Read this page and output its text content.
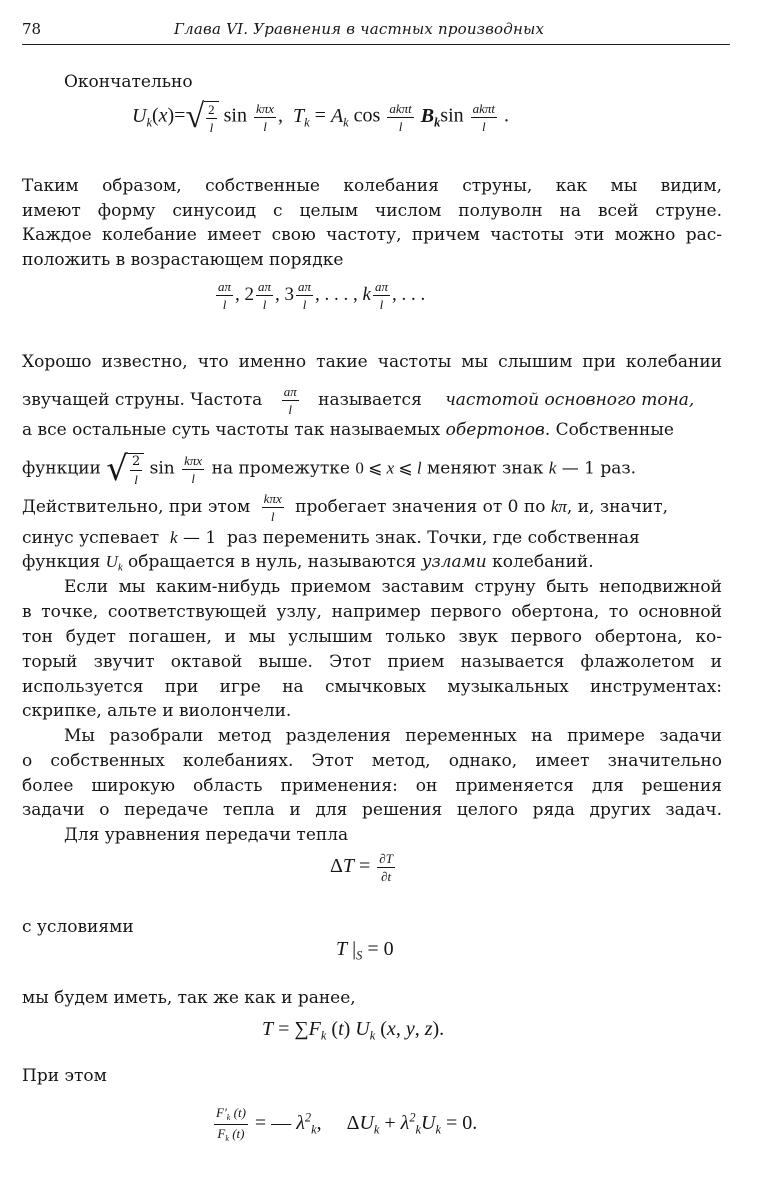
78	Глава VI. Уравнения в частных производных
Окончательно
$U_k(x)=√ \frac{2}{l}$ $\sin \frac{\text{kπx}}{l}$ ,  $T_k = A_k$ $\cos \frac{\text{akπt}}{l} B_k\sin \frac{\text{akπt}}{l}$ .
Таким образом, собственные колебания струны, как мы видим,
имеют форму синусоид с целым числом полуволн на всей струне.
Каждое колебание имеет свою частоту, причем частоты эти можно рас-
положить в возрастающем порядке
$\frac{a\pi}{l}$ , $2 \frac{a\pi}{l}$ , $3 \frac{a\pi}{l}$ , . . . , k $\frac{a\pi}{l}$ , . . .
Хорошо известно, что именно такие частоты мы слышим при колебании
звучащей струны. Частота $\frac{a\pi}{l}$ называется частотой основного тона,
а все остальные суть частоты так называемых обертонов. Собственные
функции √ $\frac{2}{l}$ $\sin \frac{\text{kπx}}{l}$ на промежутке 0 ⩽ x ⩽ l меняют знак k — 1 раз.
Действительно, при этом $\frac{\text{kπx}}{l}$ пробегает значения от 0 по kπ, и, значит,
синус успевает k — 1  раз переменить знак. Точки, где собственная
функция $U_k$ обращается в нуль, называются узлами колебаний.
Если мы каким-нибудь приемом заставим струну быть неподвижной
в точке, соответствующей узлу, например первого обертона, то основной
тон будет погашен, и мы услышим только звук первого обертона, ко-
торый звучит октавой выше. Этот прием называется флажолетом и
используется при игре на смычковых музыкальных инструментах:
скрипке, альте и виолончели.
Мы разобрали метод разделения переменных на примере задачи
о собственных колебаниях. Этот метод, однако, имеет значительно
более широкую область применения: он применяется для решения
задачи о передаче тепла и для решения целого ряда других задач.
Для уравнения передачи тепла
$\Delta T = \frac{\partial T}{\partial t}$
с условиями
T $|_S = 0$
мы будем иметь, так же как и ранее,
$T = \sum F_k$ (t) $U_k$ (x, y, z).
При этом
$\frac{F'_k (t)}{F_k (t)}$ = — $\lambda^2_k$,     $\Delta U_k + \lambda^2_kU_k = 0$.
